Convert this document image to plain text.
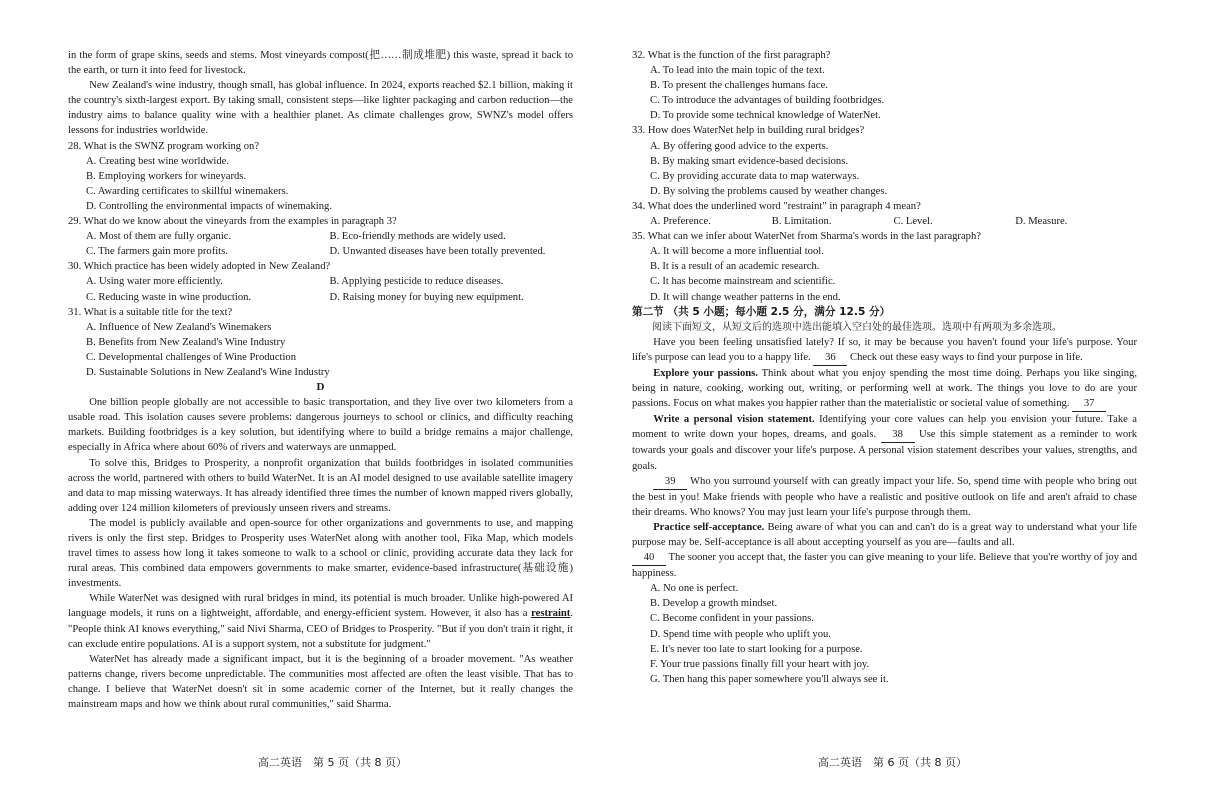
in the form of grape skins, seeds and stems. Most vineyards compost(把……制成堆肥) this waste, spread it back to the earth, or turn it into feed for livestock.

New Zealand's wine industry, though small, has global influence. In 2024, exports reached $2.1 billion, making it the country's sixth-largest export. By taking small, consistent steps—like lighter packaging and carbon reduction—the industry aims to balance quality wine with a healthier planet. As climate challenges grow, SWNZ's model offers lessons for industries worldwide.

28. What is the SWNZ program working on?

A. Creating best wine worldwide.

B. Employing workers for wineyards.

C. Awarding certificates to skillful winemakers.

D. Controlling the environmental impacts of winemaking.

29. What do we know about the vineyards from the examples in paragraph 3?

A. Most of them are fully organic.	B. Eco-friendly methods are widely used.
C. The farmers gain more profits.	D. Unwanted diseases have been totally prevented.

30. Which practice has been widely adopted in New Zealand?

A. Using water more efficiently.	B. Applying pesticide to reduce diseases.
C. Reducing waste in wine production.	D. Raising money for buying new equipment.

31. What is a suitable title for the text?

A. Influence of New Zealand's Winemakers

B. Benefits from New Zealand's Wine Industry

C. Developmental challenges of Wine Production

D. Sustainable Solutions in New Zealand's Wine Industry

D

One billion people globally are not accessible to basic transportation, and they live over two kilometers from a usable road. This isolation causes severe problems: dangerous journeys to school or clinics, and difficulty reaching markets. Building footbridges is a key solution, but identifying where to build a bridge remains a major challenge, especially in Africa where about 60% of rivers and waterways are unmapped.

To solve this, Bridges to Prosperity, a nonprofit organization that builds footbridges in isolated communities across the world, partnered with others to build WaterNet. It is an AI model designed to use available satellite imagery and data to map missing waterways. It has already identified three times the number of known mapped rivers globally, adding over 124 million kilometers of previously unseen rivers and streams.

The model is publicly available and open-source for other organizations and governments to use, and mapping rivers is only the first step. Bridges to Prosperity uses WaterNet along with another tool, Fika Map, which models travel times to assess how long it takes someone to walk to a school or clinic, providing accurate data they lack for rural areas. This combined data empowers governments to make smarter, evidence-based infrastructure(基础设施) investments.

While WaterNet was designed with rural bridges in mind, its potential is much broader. Unlike high-powered AI language models, it runs on a lightweight, affordable, and energy-efficient system. However, it also has a restraint. "People think AI knows everything," said Nivi Sharma, CEO of Bridges to Prosperity. "But if you don't train it right, it can exclude entire populations. AI is a support system, not a substitute for judgment."

WaterNet has already made a significant impact, but it is the beginning of a broader movement. "As weather patterns change, rivers become unpredictable. The communities most affected are often the least visible. That has to change. I believe that WaterNet doesn't sit in some academic corner of the Internet, but it really changes the mainstream maps and how we think about rural communities," said Sharma.

32. What is the function of the first paragraph?

A. To lead into the main topic of the text.

B. To present the challenges humans face.

C. To introduce the advantages of building footbridges.

D. To provide some technical knowledge of WaterNet.

33. How does WaterNet help in building rural bridges?

A. By offering good advice to the experts.

B. By making smart evidence-based decisions.

C. By providing accurate data to map waterways.

D. By solving the problems caused by weather changes.

34. What does the underlined word "restraint" in paragraph 4 mean?

A. Preference.	B. Limitation.	C. Level.	D. Measure.

35. What can we infer about WaterNet from Sharma's words in the last paragraph?

A. It will become a more influential tool.

B. It is a result of an academic research.

C. It has become mainstream and scientific.

D. It will change weather patterns in the end.

第二节 （共 5 小题；每小题 2.5 分，满分 12.5 分）

阅读下面短文，从短文后的选项中选出能填入空白处的最佳选项。选项中有两项为多余选项。

Have you been feeling unsatisfied lately? If so, it may be because you haven't found your life's purpose. Your life's purpose can lead you to a happy life. 36 Check out these easy ways to find your purpose in life.

Explore your passions. Think about what you enjoy spending the most time doing. Perhaps you like singing, being in nature, cooking, working out, writing, or performing well at work. The things you love to do are your passions. Focus on what makes you happier rather than the materialistic or societal value of something. 37

Write a personal vision statement. Identifying your core values can help you envision your future. Take a moment to write down your hopes, dreams, and goals. 38 Use this simple statement as a reminder to work towards your goals and discover your life's purpose. A personal vision statement describes your values, strengths, and goals.

39 Who you surround yourself with can greatly impact your life. So, spend time with people who bring out the best in you! Make friends with people who have a realistic and positive outlook on life and aren't afraid to chase their dreams. Who knows? You may just learn your life's purpose through them.

Practice self-acceptance. Being aware of what you can and can't do is a great way to understand what your life purpose may be. Self-acceptance is all about accepting yourself as you are—faults and all.

40 The sooner you accept that, the faster you can give meaning to your life. Believe that you're worthy of joy and happiness.

A. No one is perfect.

B. Develop a growth mindset.

C. Become confident in your passions.

D. Spend time with people who uplift you.

E. It's never too late to start looking for a purpose.

F. Your true passions finally fill your heart with joy.

G. Then hang this paper somewhere you'll always see it.

高二英语　第 5 页（共 8 页）	高二英语　第 6 页（共 8 页）
